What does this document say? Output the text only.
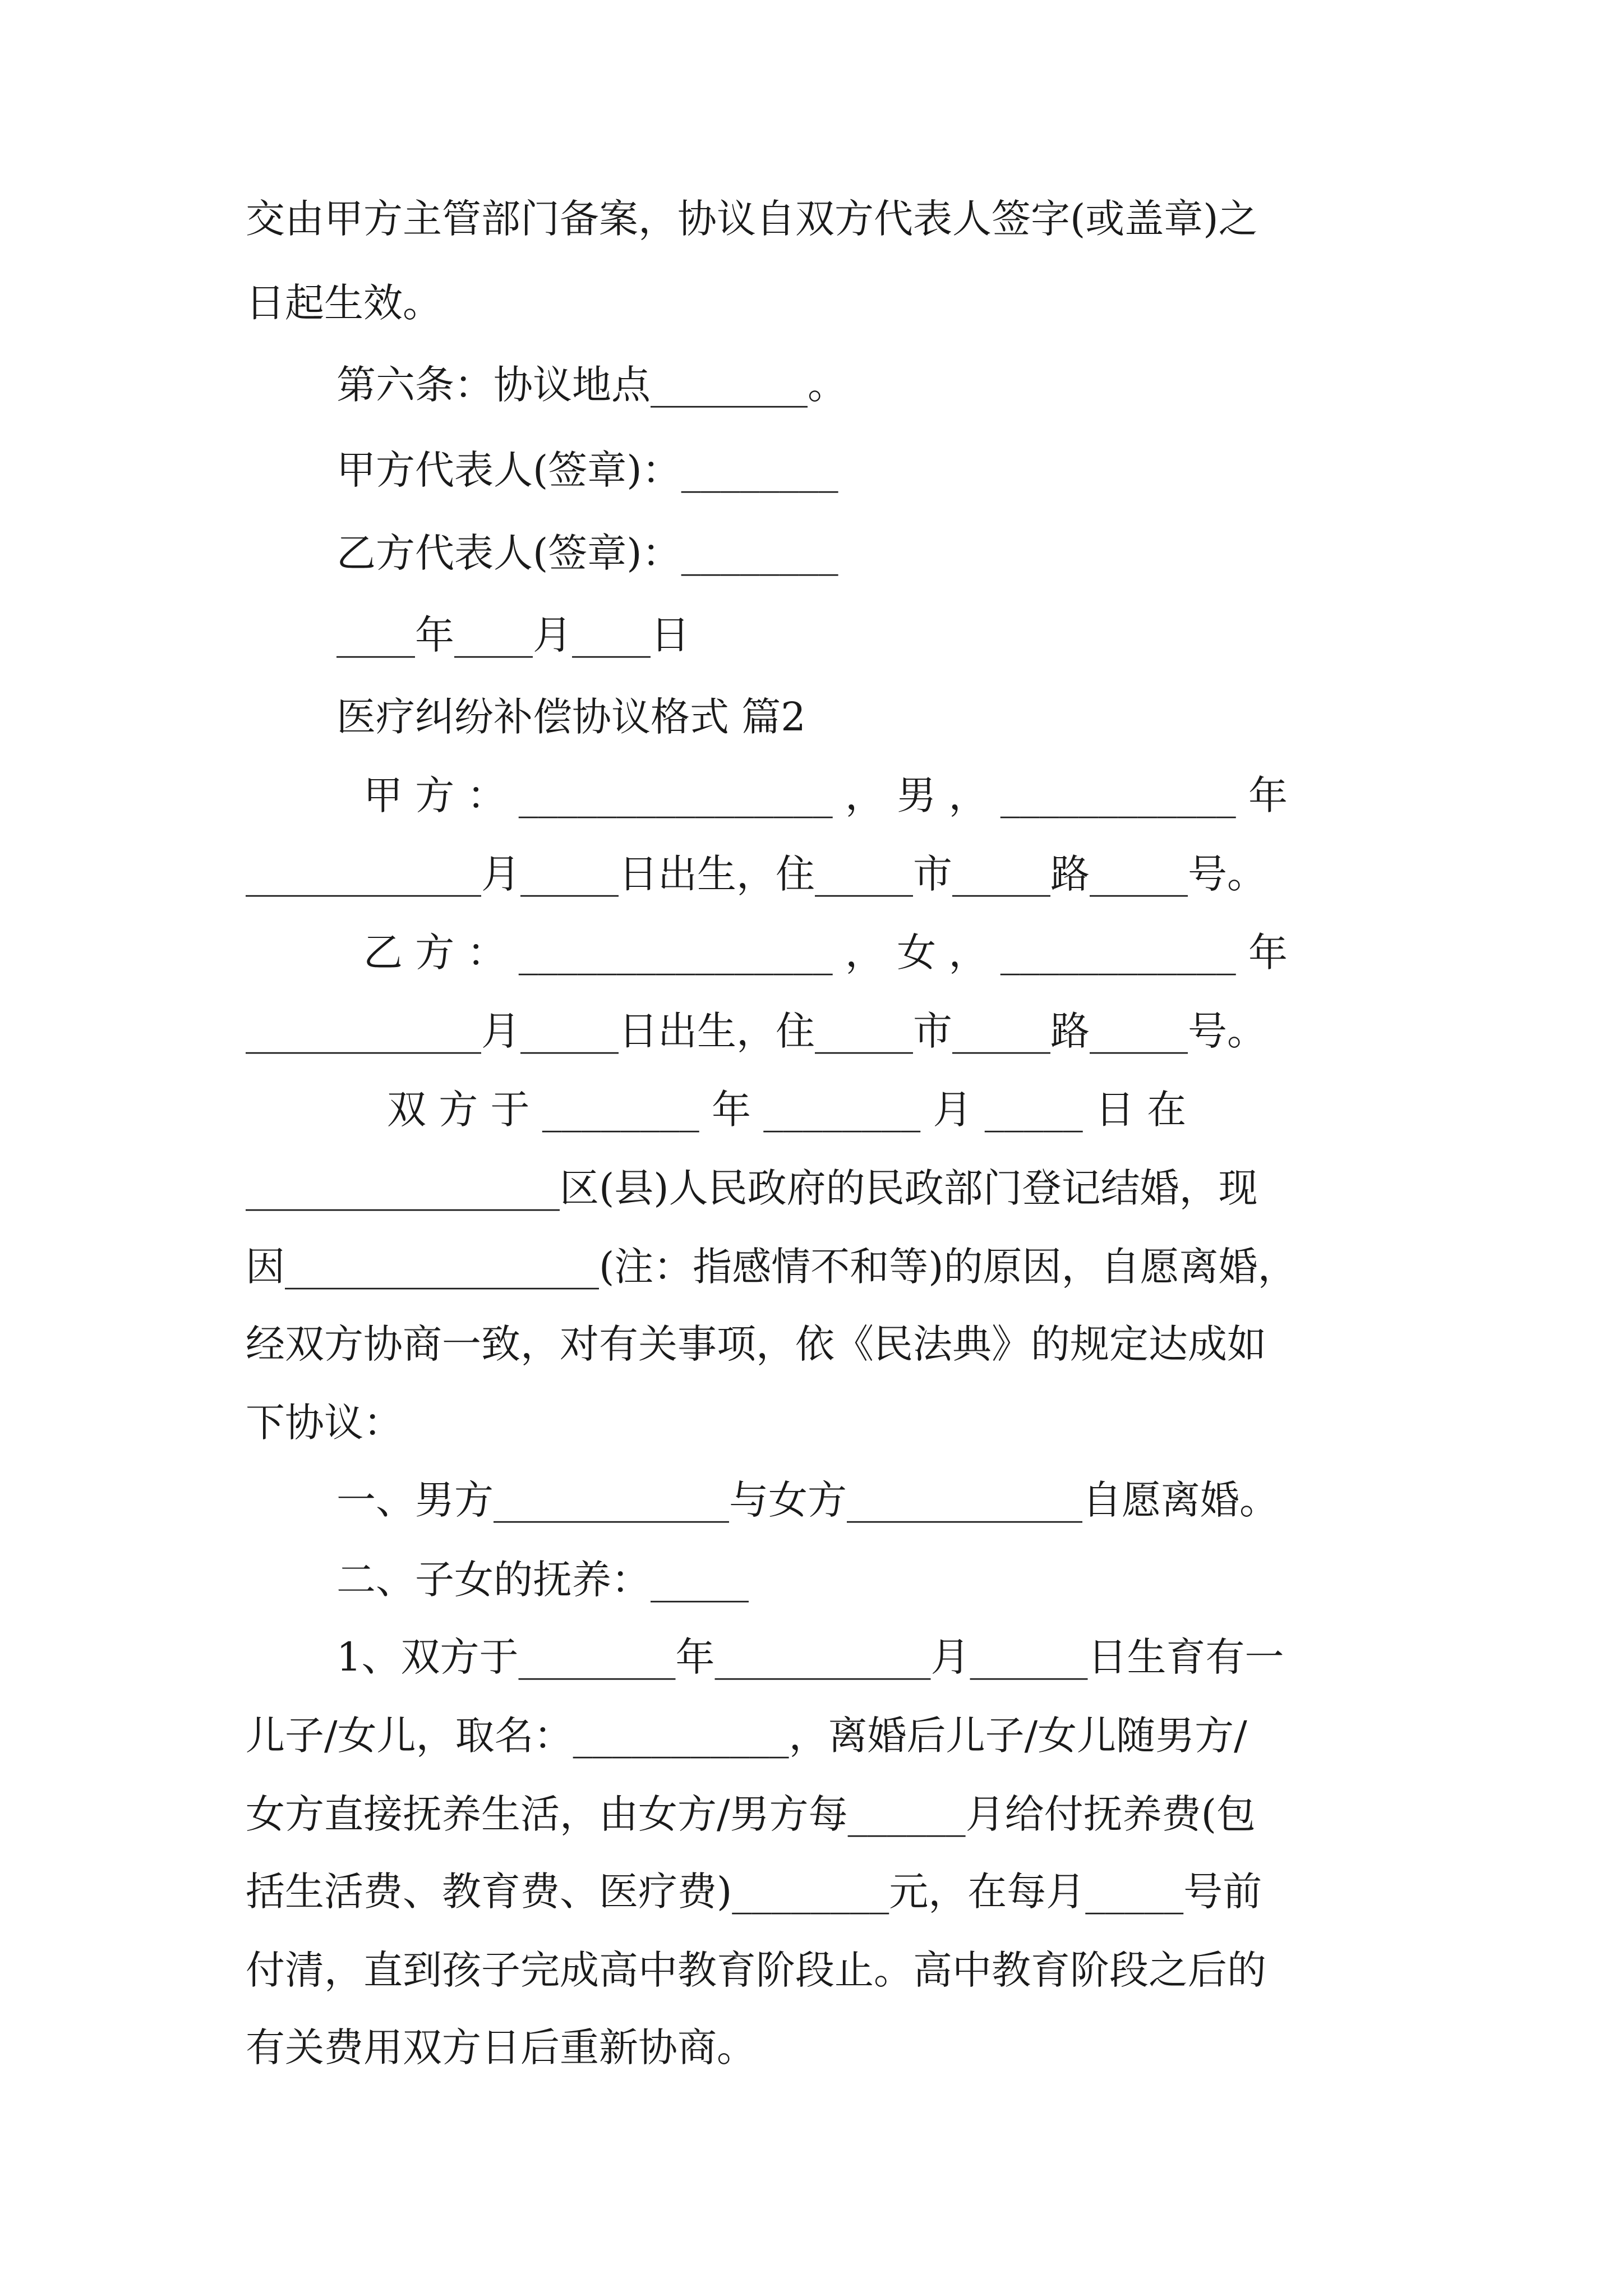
交由甲方主管部门备案，协议自双方代表人签字(或盖章)之

日起生效。

第六条：协议地点________。

甲方代表人(签章)：________

乙方代表人(签章)：________

____年____月____日

医疗纠纷补偿协议格式 篇2

甲 方 ： ________________ ， 男 ， ____________ 年

____________月_____日出生，住_____市_____路_____号。

乙 方 ： ________________ ， 女 ， ____________ 年

____________月_____日出生，住_____市_____路_____号。

双 方 于 ________ 年 ________ 月 _____ 日 在

________________区(县)人民政府的民政部门登记结婚，现

因________________(注：指感情不和等)的原因，自愿离婚，

经双方协商一致，对有关事项，依《民法典》的规定达成如

下协议：

一、男方____________与女方____________自愿离婚。

二、子女的抚养：_____

1、双方于________年___________月______日生育有一

儿子/女儿，取名：___________，离婚后儿子/女儿随男方/

女方直接抚养生活，由女方/男方每______月给付抚养费(包

括生活费、教育费、医疗费)________元，在每月_____号前

付清，直到孩子完成高中教育阶段止。高中教育阶段之后的

有关费用双方日后重新协商。
